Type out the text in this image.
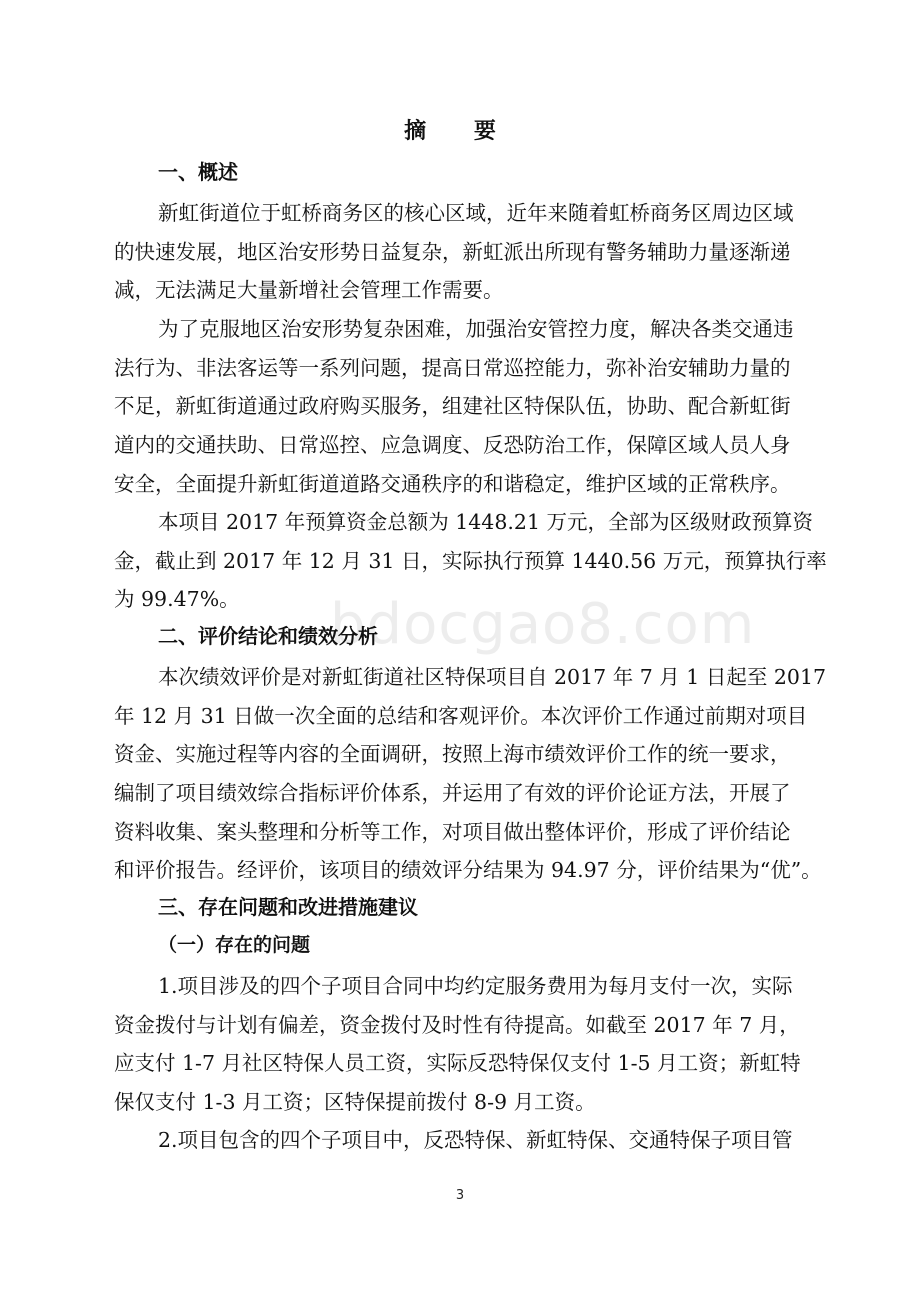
bdocgao8.com
摘 要
一、概述
新虹街道位于虹桥商务区的核心区域，近年来随着虹桥商务区周边区域
的快速发展，地区治安形势日益复杂，新虹派出所现有警务辅助力量逐渐递
减，无法满足大量新增社会管理工作需要。
为了克服地区治安形势复杂困难，加强治安管控力度，解决各类交通违
法行为、非法客运等一系列问题，提高日常巡控能力，弥补治安辅助力量的
不足，新虹街道通过政府购买服务，组建社区特保队伍，协助、配合新虹街
道内的交通扶助、日常巡控、应急调度、反恐防治工作，保障区域人员人身
安全，全面提升新虹街道道路交通秩序的和谐稳定，维护区域的正常秩序。
本项目 2017 年预算资金总额为 1448.21 万元，全部为区级财政预算资
金，截止到 2017 年 12 月 31 日，实际执行预算 1440.56 万元，预算执行率
为 99.47%。
二、评价结论和绩效分析
本次绩效评价是对新虹街道社区特保项目自 2017 年 7 月 1 日起至 2017
年 12 月 31 日做一次全面的总结和客观评价。本次评价工作通过前期对项目
资金、实施过程等内容的全面调研，按照上海市绩效评价工作的统一要求，
编制了项目绩效综合指标评价体系，并运用了有效的评价论证方法，开展了
资料收集、案头整理和分析等工作，对项目做出整体评价，形成了评价结论
和评价报告。经评价，该项目的绩效评分结果为 94.97 分，评价结果为“优”。
三、存在问题和改进措施建议
（一）存在的问题
1.项目涉及的四个子项目合同中均约定服务费用为每月支付一次，实际
资金拨付与计划有偏差，资金拨付及时性有待提高。如截至 2017 年 7 月，
应支付 1-7 月社区特保人员工资，实际反恐特保仅支付 1-5 月工资；新虹特
保仅支付 1-3 月工资；区特保提前拨付 8-9 月工资。
2.项目包含的四个子项目中，反恐特保、新虹特保、交通特保子项目管
3
